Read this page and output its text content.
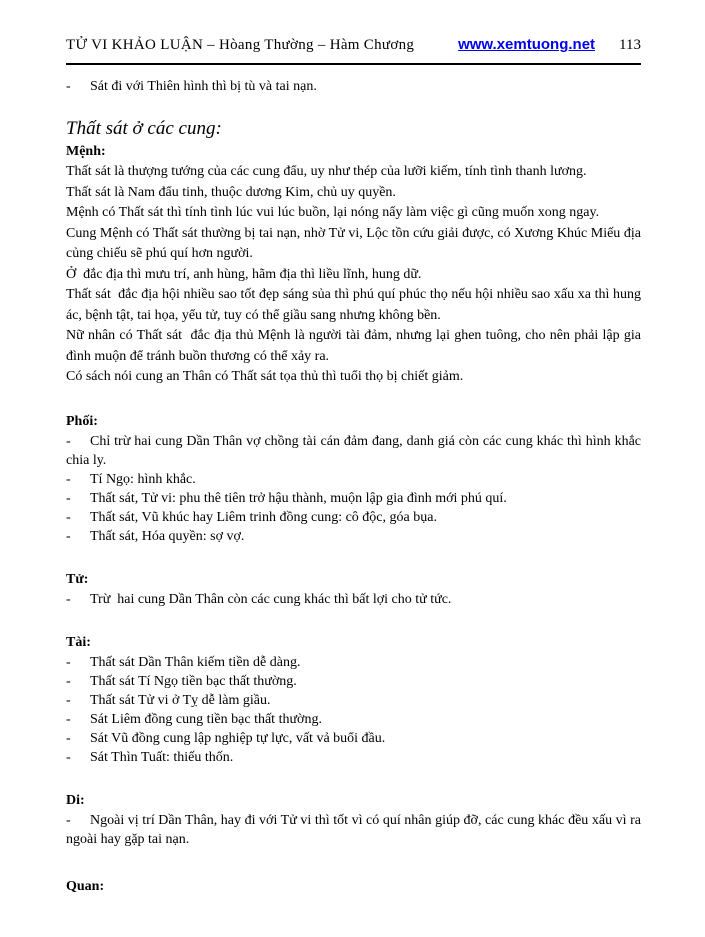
TỬ VI KHẢO LUẬN – Hòang Thường – Hàm Chương	www.xemtuong.net 113

- Sát đi với Thiên hình thì bị tù và tai nạn.

Thất sát ở các cung:
Mệnh:

Thất sát là thượng tướng của các cung đẩu, uy như thép của lưỡi kiếm, tính tình thanh lương.

Thất sát là Nam đẩu tinh, thuộc dương Kim, chủ uy quyền.

Mệnh có Thất sát thì tính tình lúc vui lúc buồn, lại nóng nẩy làm việc gì cũng muốn xong ngay.

Cung Mệnh có Thất sát thường bị tai nạn, nhờ Tử vi, Lộc tồn cứu giải được, có Xương Khúc Miếu địa củng chiếu sẽ phú quí hơn người.

Ở  đắc địa thì mưu trí, anh hùng, hãm địa thì liều lĩnh, hung dữ.

Thất sát  đắc địa hội nhiều sao tốt đẹp sáng sủa thì phú quí phúc thọ nếu hội nhiều sao xấu xa thì hung ác, bệnh tật, tai họa, yểu tử, tuy có thể giầu sang nhưng không bền.

Nữ nhân có Thất sát  đắc địa thủ Mệnh là người tài đảm, nhưng lại ghen tuông, cho nên phải lập gia đình muộn để tránh buồn thương có thể xảy ra.

Có sách nói cung an Thân có Thất sát tọa thủ thì tuổi thọ bị chiết giảm.

Phối:

- Chỉ trừ hai cung Dần Thân vợ chồng tài cán đảm đang, danh giá còn các cung khác thì hình khắc chia ly.

- Tí Ngọ: hình khắc.

- Thất sát, Tử vi: phu thê tiên trở hậu thành, muộn lập gia đình mới phú quí.

- Thất sát, Vũ khúc hay Liêm trinh đồng cung: cô độc, góa bụa.

- Thất sát, Hóa quyền: sợ vợ.

Tử:

- Trừ  hai cung Dần Thân còn các cung khác thì bất lợi cho tử tức.

Tài:

- Thất sát Dần Thân kiếm tiền dễ dàng.

- Thất sát Tí Ngọ tiền bạc thất thường.

- Thất sát Tử vi ở Tỵ dễ làm giầu.

- Sát Liêm đồng cung tiền bạc thất thường.

- Sát Vũ đồng cung lập nghiệp tự lực, vất vả buổi đầu.

- Sát Thìn Tuất: thiếu thốn.

Di:

- Ngoài vị trí Dần Thân, hay đi với Tử vi thì tốt vì có quí nhân giúp đỡ, các cung khác đều xấu vì ra ngoài hay gặp tai nạn.

Quan:
